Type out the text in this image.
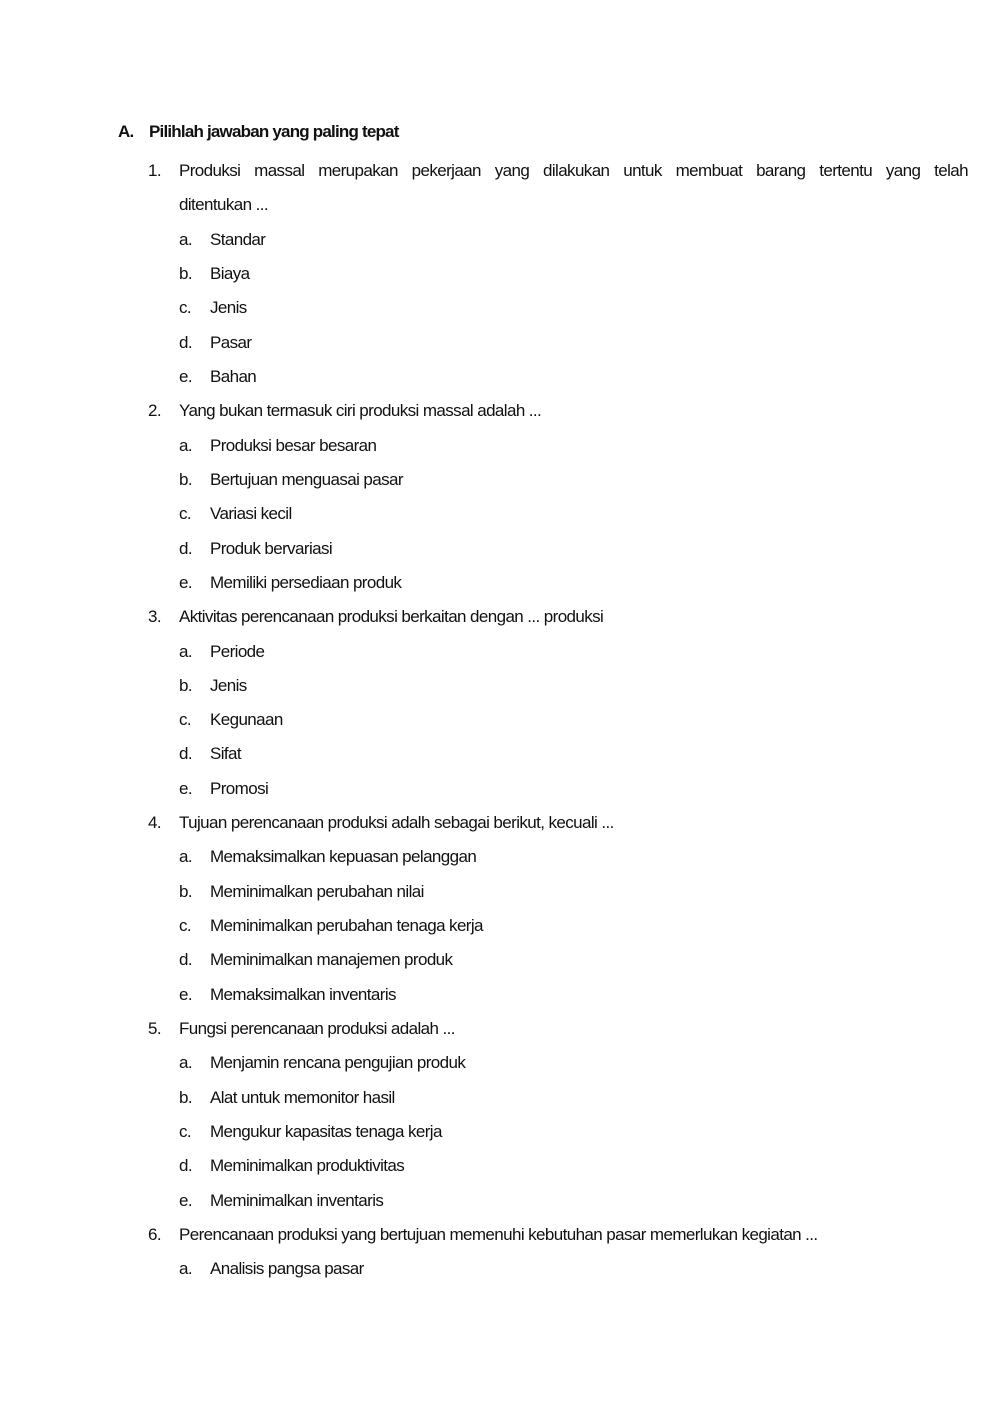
A. Pilihlah jawaban yang paling tepat
1.	Produksi massal merupakan pekerjaan yang dilakukan untuk membuat barang tertentu yang telah
ditentukan ...
a.	Standar
b.	Biaya
c.	Jenis
d.	Pasar
e.	Bahan
2.	Yang bukan termasuk ciri produksi massal adalah ...
a.	Produksi besar besaran
b.	Bertujuan menguasai pasar
c.	Variasi kecil
d.	Produk bervariasi
e.	Memiliki persediaan produk
3.	Aktivitas perencanaan produksi berkaitan dengan ... produksi
a.	Periode
b.	Jenis
c.	Kegunaan
d.	Sifat
e.	Promosi
4.	Tujuan perencanaan produksi adalh sebagai berikut, kecuali ...
a.	Memaksimalkan kepuasan pelanggan
b.	Meminimalkan perubahan nilai
c.	Meminimalkan perubahan tenaga kerja
d.	Meminimalkan manajemen produk
e.	Memaksimalkan inventaris
5.	Fungsi perencanaan produksi adalah ...
a.	Menjamin rencana pengujian produk
b.	Alat untuk memonitor hasil
c.	Mengukur kapasitas tenaga kerja
d.	Meminimalkan produktivitas
e.	Meminimalkan inventaris
6.	Perencanaan produksi yang bertujuan memenuhi kebutuhan pasar memerlukan kegiatan ...
a.	Analisis pangsa pasar
